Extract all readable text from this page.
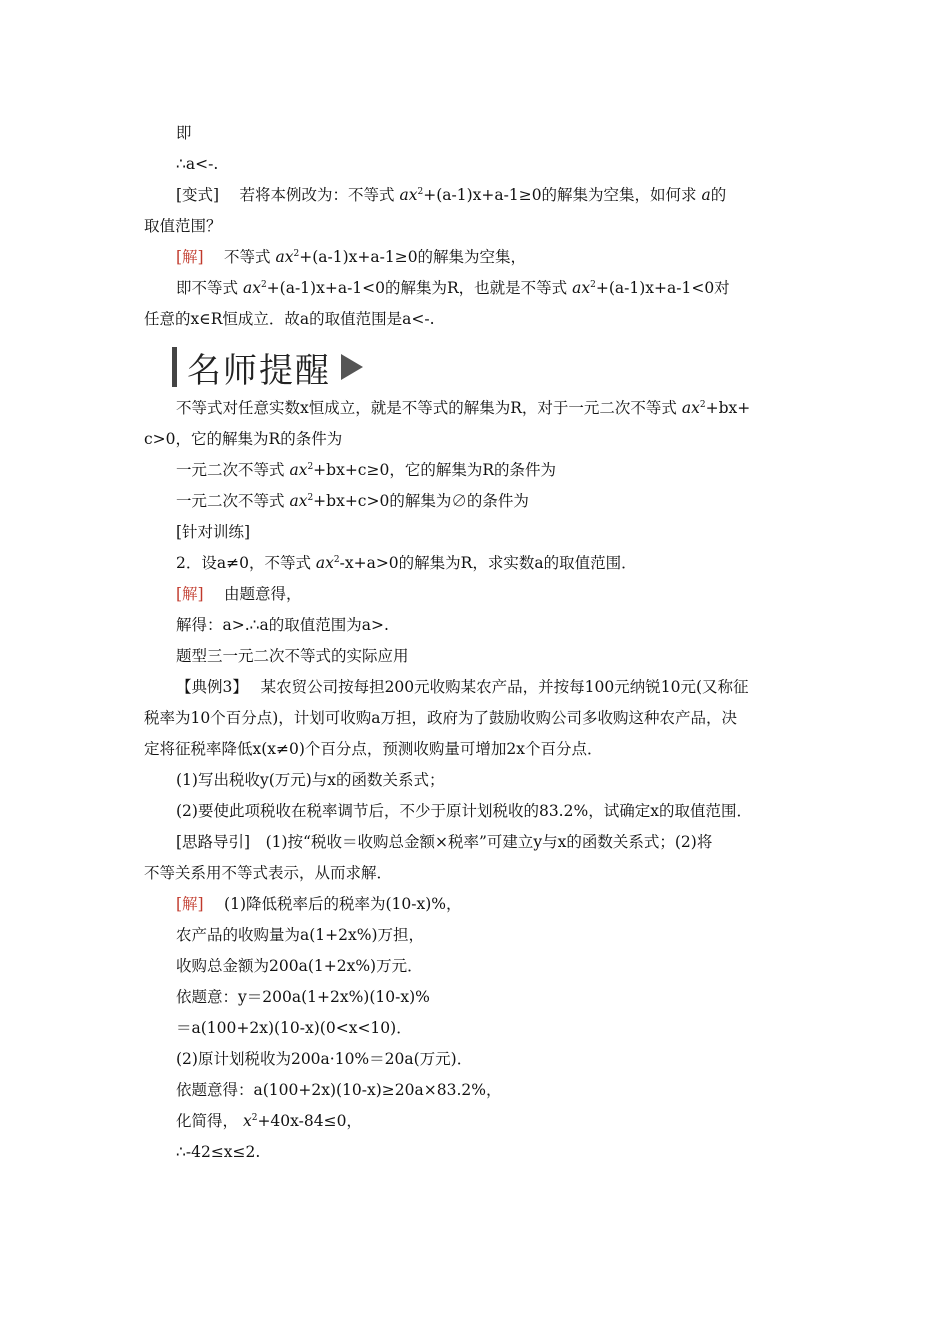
即
∴a<-.
[变式]　 若将本例改为：不等式 $ax^2+(a-1)x+a-1\ge 0$的解集为空集，如何求 a的
取值范围？
[解]　 不等式 $ax^2+(a-1)x+a-1\ge 0$的解集为空集，
即不等式 $ax^2+(a-1)x+a-1<0$的解集为R，也就是不等式 $ax^2+(a-1)x+a-1<0$对
任意的x∈R恒成立．故a的取值范围是a<-.
名师提醒
不等式对任意实数x恒成立，就是不等式的解集为R，对于一元二次不等式 $ax^2+bx+$
c>0，它的解集为R的条件为
一元二次不等式 $ax^2+bx+c\ge 0$，它的解集为R的条件为
一元二次不等式 $ax^2+bx+c>0$的解集为∅的条件为
[针对训练]
2．设a≠0，不等式 $ax^2-x+a>0$的解集为R，求实数a的取值范围．
[解]　 由题意得，
解得：a>.∴a的取值范围为a>.
题型三一元二次不等式的实际应用
【典例3】　 某农贸公司按每担200元收购某农产品，并按每100元纳锐10元(又称征
税率为10个百分点)，计划可收购a万担，政府为了鼓励收购公司多收购这种农产品，决
定将征税率降低x(x≠0)个百分点，预测收购量可增加2x个百分点．
(1)写出税收y(万元)与x的函数关系式；
(2)要使此项税收在税率调节后，不少于原计划税收的83.2%，试确定x的取值范围．
[思路导引]　(1)按“税收＝收购总金额×税率”可建立y与x的函数关系式；(2)将
不等关系用不等式表示，从而求解．
[解]　 (1)降低税率后的税率为(10-x)%，
农产品的收购量为a(1+2x%)万担，
收购总金额为200a(1+2x%)万元．
依题意：y＝200a(1+2x%)(10-x)%
＝a(100+2x)(10-x)(0<x<10)．
(2)原计划税收为200a·10%＝20a(万元)．
依题意得：a(100+2x)(10-x)≥20a×83.2%，
化简得， $x^2+40x-84\le 0$，
∴-42≤x≤2.
